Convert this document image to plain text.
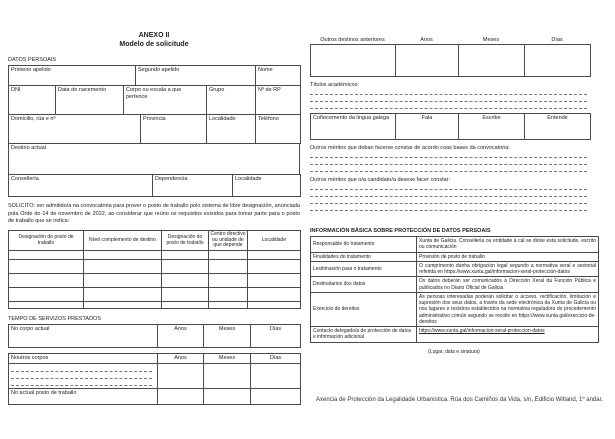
ANEXO II
Modelo de solicitude
DATOS PERSOAIS
Primeiro apelido	Segundo apelido	Nome
DNI	Data de nacemento	Corpo ou escala a que pertence	Grupo	Nº de RP
Domicilio, rúa e nº	Provincia	Localidade	Teléfono
Destino actual
Consellería	Dependencia	Localidade

SOLICITO: ser admitido/a na convocatoria para prover o posto de traballo polo sistema de libre designación, anunciada pola Orde do 14 de novembro de 2022, ao considerar que reúno os requisitos esixidos para tomar parte para o posto de traballo que se indica:

Designación do posto de traballo	Nivel complemento de destino	Designación do posto de traballo	Centro directivo ou unidade de que depende	Localidade

TEMPO DE SERVIZOS PRESTADOS
No corpo actual	Anos	Meses	Días
Noutros corpos	Anos	Meses	Días

No actual posto de traballo			
Outros destinos anteriores	Anos	Meses	Días

Títulos académicos:
Coñecemento da lingua galega	Fala	Escribe	Entende
Outros méritos que deban facerse constar de acordo coas bases da convocatoria:
Outros méritos que o/a candidato/a desexe facer constar:
INFORMACIÓN BÁSICA SOBRE PROTECCIÓN DE DATOS PERSOAIS
Responsable do tratamento	Xunta de Galicia. Consellería ou entidade á cal se dirixe esta solicitude, escrito ou comunicación
Finalidades do tratamento	Provisión de posto de traballo
Lexitimación para o tratamento	O cumprimento dunha obrigación legal segundo a normativa xeral e sectorial referida en https://www.xunta.gal/informacion-xeral-proteccion-datos
Destinatarios dos datos	Os datos deberán ser comunicados á Dirección Xeral da Función Pública e publicados no Diario Oficial de Galicia
Exercicio de dereitos	As persoas interesadas poderán solicitar o acceso, rectificación, limitación e supresión dos seus datos, a través da sede electrónica da Xunta de Galicia ou nos lugares e rexistros establecidos na normativa reguladora do procedemento administrativo común segundo se recolle en https://www.xunta.gal/exercicio-de-dereitos
Contacto delegado/a de protección de datos e información adicional	https://www.xunta.gal/informacion-xeral-proteccion-datos
(Lugar, data e sinatura)
Axencia de Protección da Legalidade Urbanística. Rúa dos Camiños da Vida, s/n, Edificio Witland, 1º andar.
